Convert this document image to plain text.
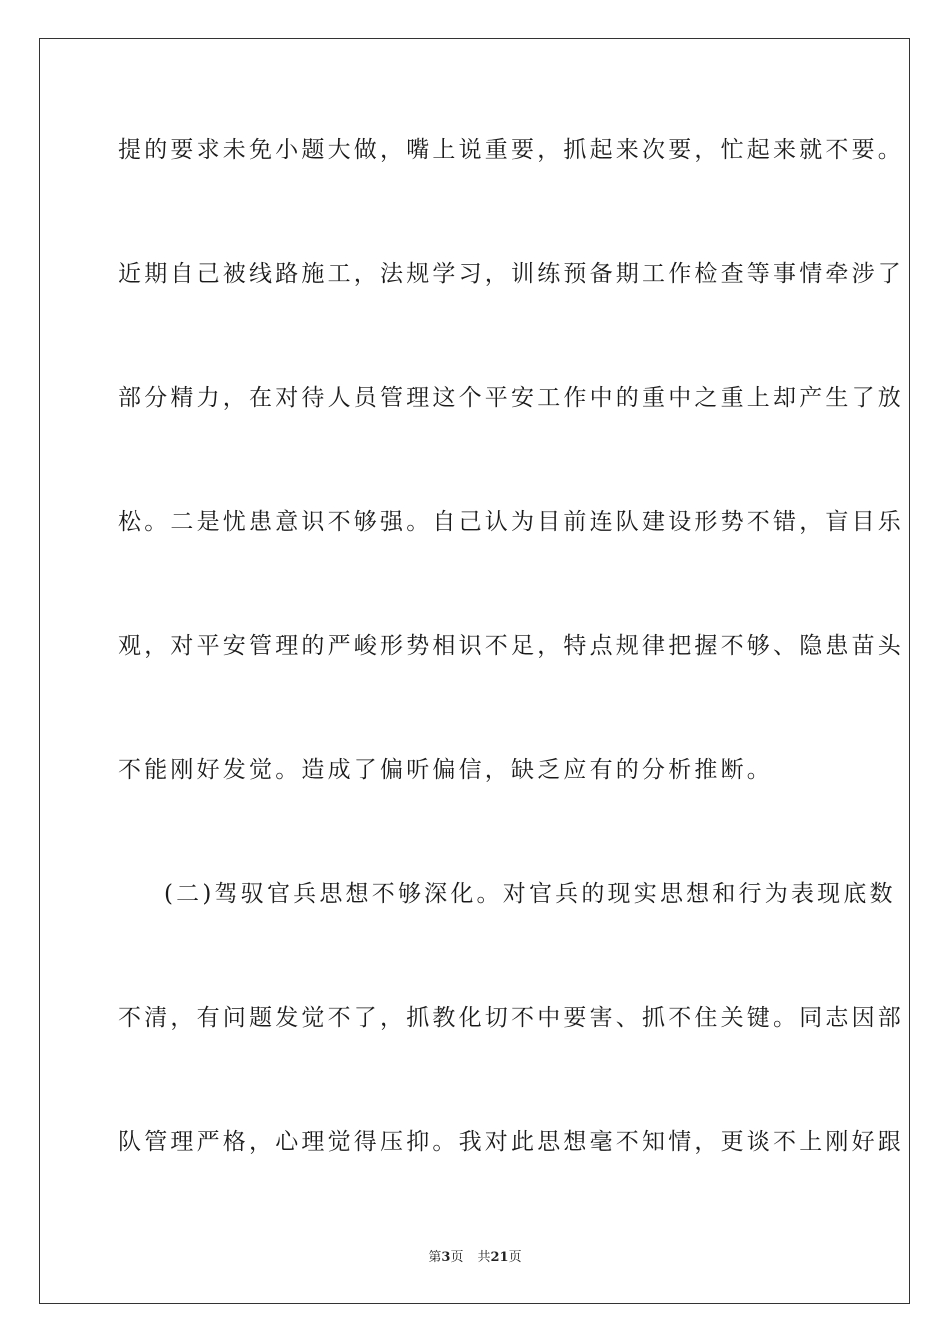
提的要求未免小题大做，嘴上说重要，抓起来次要，忙起来就不要。
近期自己被线路施工，法规学习，训练预备期工作检查等事情牵涉了
部分精力，在对待人员管理这个平安工作中的重中之重上却产生了放
松。二是忧患意识不够强。自己认为目前连队建设形势不错，盲目乐
观，对平安管理的严峻形势相识不足，特点规律把握不够、隐患苗头
不能刚好发觉。造成了偏听偏信，缺乏应有的分析推断。
(二)驾驭官兵思想不够深化。对官兵的现实思想和行为表现底数
不清，有问题发觉不了，抓教化切不中要害、抓不住关键。同志因部
队管理严格，心理觉得压抑。我对此思想毫不知情，更谈不上刚好跟
第3页 共21页
